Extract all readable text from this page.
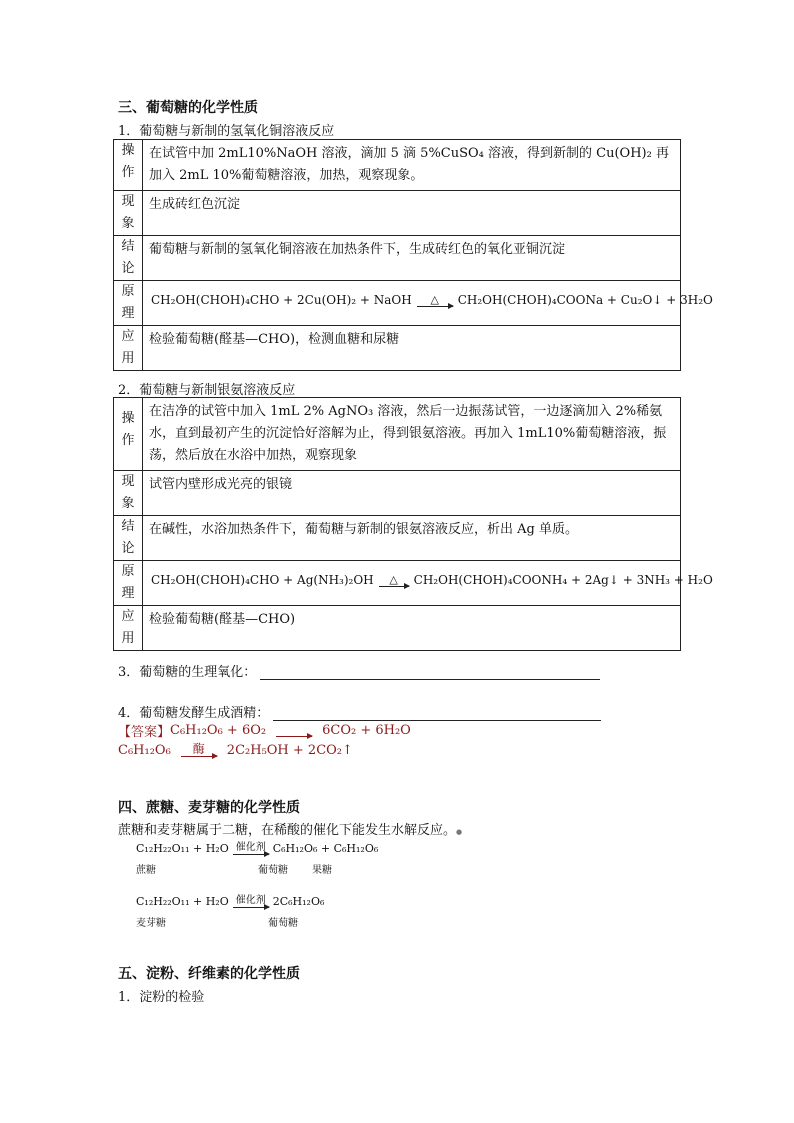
三、葡萄糖的化学性质
1．葡萄糖与新制的氢氧化铜溶液反应
操
作	在试管中加 2mL10%NaOH 溶液，滴加 5 滴 5%CuSO₄ 溶液，得到新制的 Cu(OH)₂ 再加入 2mL 10%葡萄糖溶液，加热，观察现象。

现
象	生成砖红色沉淀

结
论	葡萄糖与新制的氢氧化铜溶液在加热条件下，生成砖红色的氧化亚铜沉淀

原
理	CH₂OH(CHOH)₄CHO + 2Cu(OH)₂ + NaOH △ CH₂OH(CHOH)₄COONa + Cu₂O↓ + 3H₂O

应
用	检验葡萄糖(醛基—CHO)，检测血糖和尿糖
2．葡萄糖与新制银氨溶液反应
操
作	在洁净的试管中加入 1mL 2% AgNO₃ 溶液，然后一边振荡试管，一边逐滴加入 2%稀氨水，直到最初产生的沉淀恰好溶解为止，得到银氨溶液。再加入 1mL10%葡萄糖溶液，振荡，然后放在水浴中加热，观察现象

现
象	试管内壁形成光亮的银镜

结
论	在碱性，水浴加热条件下，葡萄糖与新制的银氨溶液反应，析出 Ag 单质。

原
理	CH₂OH(CHOH)₄CHO + Ag(NH₃)₂OH △ CH₂OH(CHOH)₄COONH₄ + 2Ag↓ + 3NH₃ + H₂O

应
用	检验葡萄糖(醛基—CHO)
3．葡萄糖的生理氧化：
4．葡萄糖发酵生成酒精：
【答案】 C₆H₁₂O₆ + 6O₂	6CO₂ + 6H₂O
C₆H₁₂O₆ 酶 2C₂H₅OH + 2CO₂↑
四、蔗糖、麦芽糖的化学性质
蔗糖和麦芽糖属于二糖，在稀酸的催化下能发生水解反应。●
C₁₂H₂₂O₁₁ + H₂O 催化剂 C₆H₁₂O₆ + C₆H₁₂O₆
蔗糖	葡萄糖	果糖
C₁₂H₂₂O₁₁ + H₂O 催化剂 2C₆H₁₂O₆
麦芽糖	葡萄糖
五、淀粉、纤维素的化学性质
1．淀粉的检验
